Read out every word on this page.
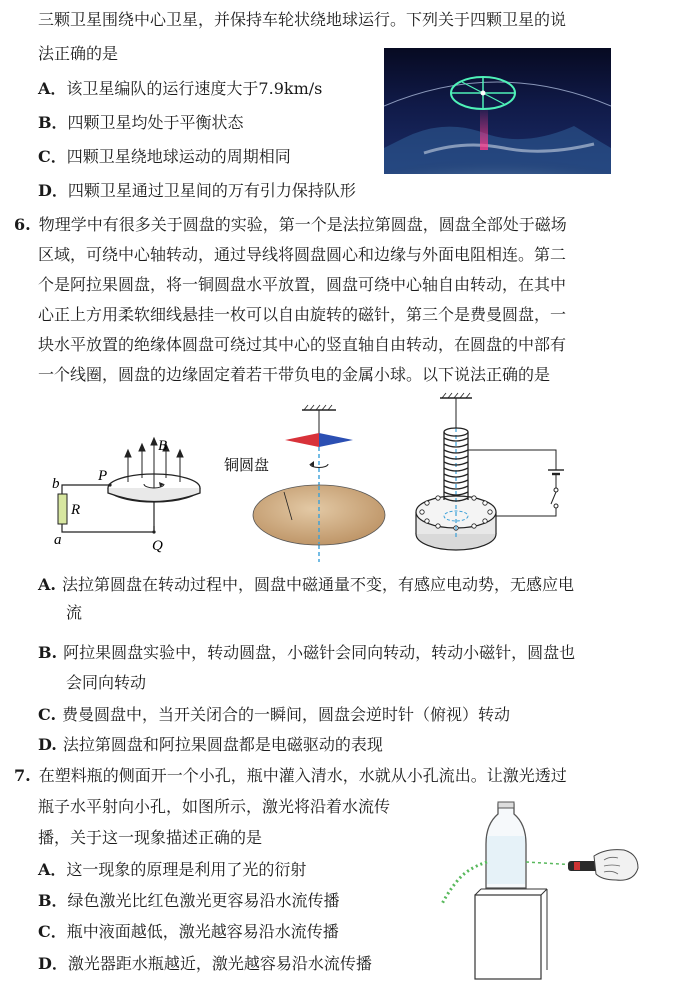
三颗卫星围绕中心卫星，并保持车轮状绕地球运行。下列关于四颗卫星的说
法正确的是
A．该卫星编队的运行速度大于7.9km/s
B．四颗卫星均处于平衡状态
C．四颗卫星绕地球运动的周期相同
D．四颗卫星通过卫星间的万有引力保持队形
6. 物理学中有很多关于圆盘的实验，第一个是法拉第圆盘，圆盘全部处于磁场
区域，可绕中心轴转动，通过导线将圆盘圆心和边缘与外面电阻相连。第二
个是阿拉果圆盘，将一铜圆盘水平放置，圆盘可绕中心轴自由转动，在其中
心正上方用柔软细线悬挂一枚可以自由旋转的磁针，第三个是费曼圆盘，一
块水平放置的绝缘体圆盘可绕过其中心的竖直轴自由转动，在圆盘的中部有
一个线圈，圆盘的边缘固定着若干带负电的金属小球。以下说法正确的是
b	P
B
R
a	Q
铜圆盘
A. 法拉第圆盘在转动过程中，圆盘中磁通量不变，有感应电动势，无感应电
流
B. 阿拉果圆盘实验中，转动圆盘，小磁针会同向转动，转动小磁针，圆盘也
会同向转动
C. 费曼圆盘中，当开关闭合的一瞬间，圆盘会逆时针（俯视）转动
D. 法拉第圆盘和阿拉果圆盘都是电磁驱动的表现
7. 在塑料瓶的侧面开一个小孔，瓶中灌入清水，水就从小孔流出。让激光透过
瓶子水平射向小孔，如图所示，激光将沿着水流传
播，关于这一现象描述正确的是
A．这一现象的原理是利用了光的衍射
B．绿色激光比红色激光更容易沿水流传播
C．瓶中液面越低，激光越容易沿水流传播
D．激光器距水瓶越近，激光越容易沿水流传播
